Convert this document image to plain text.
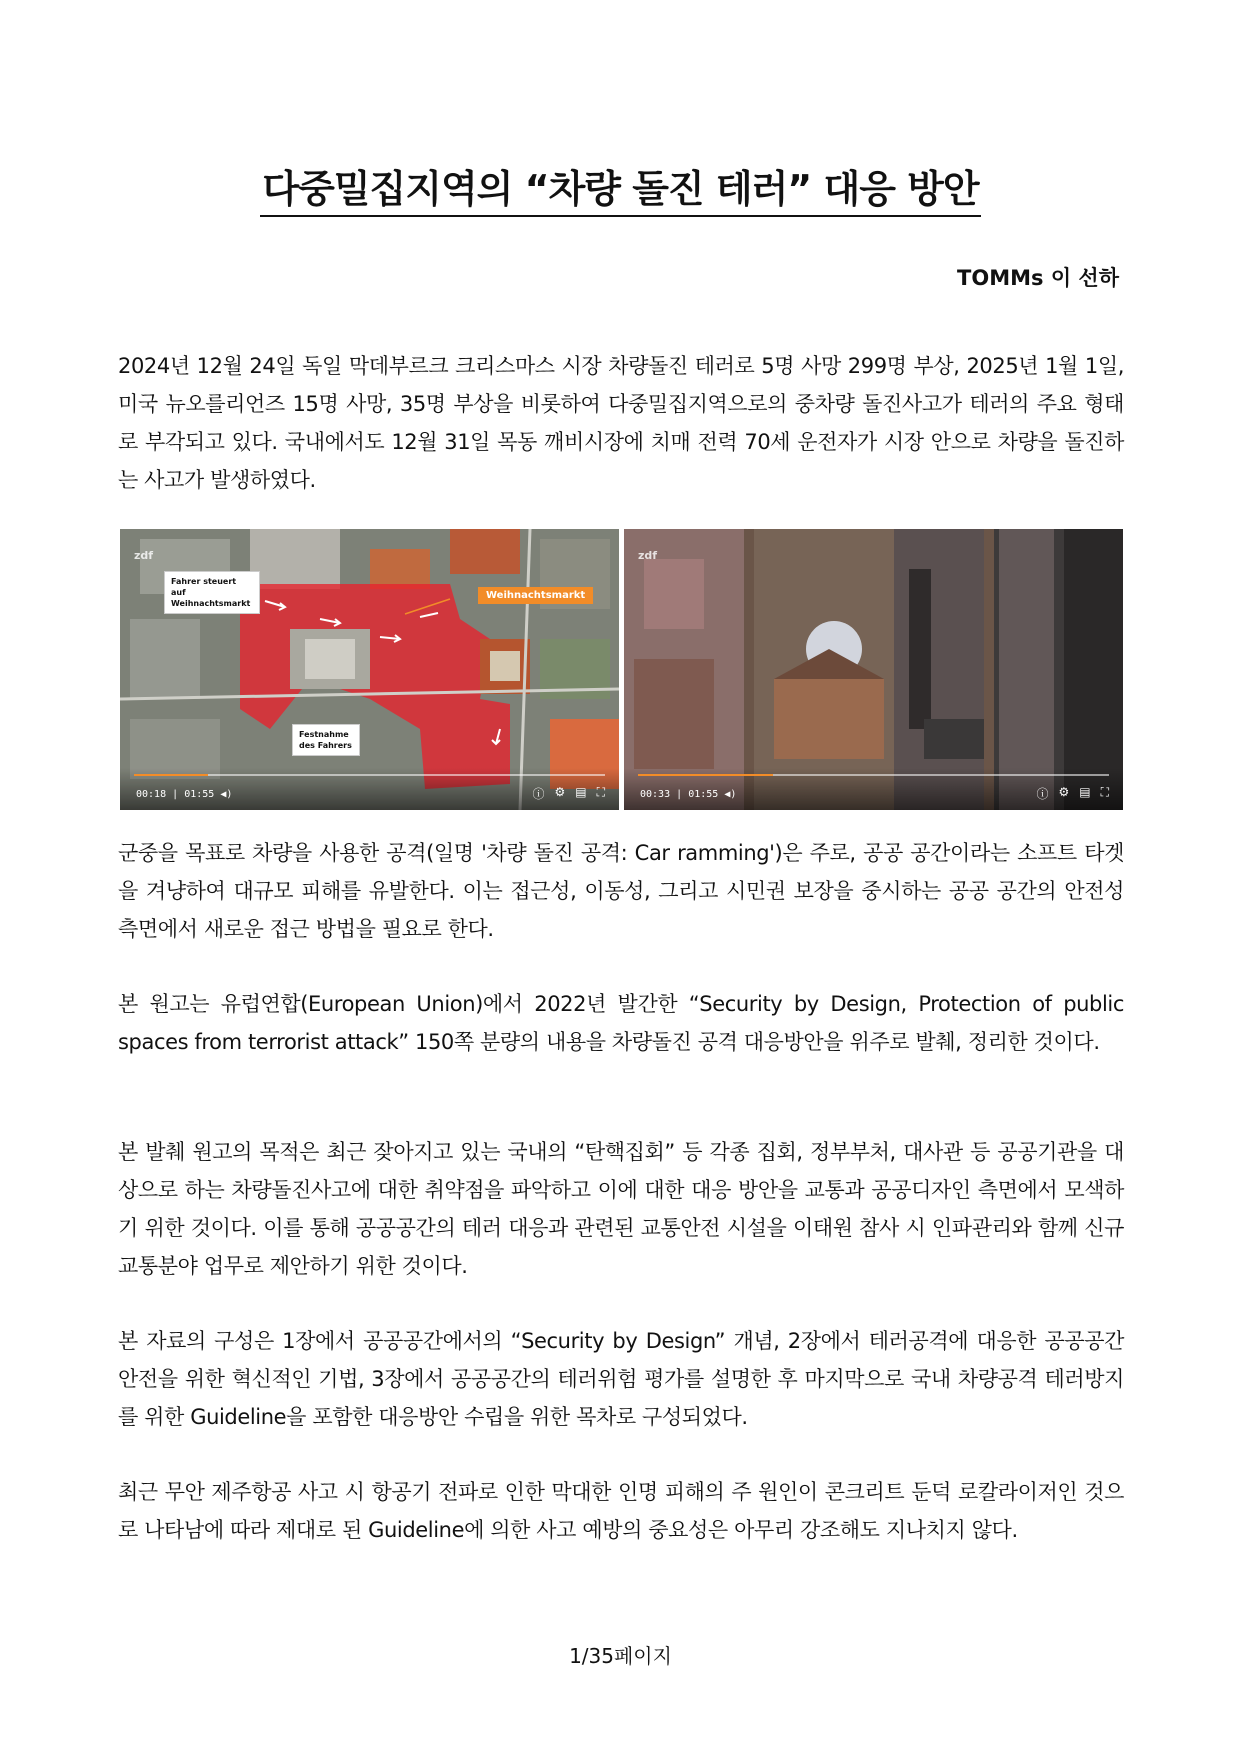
다중밀집지역의 “차량 돌진 테러” 대응 방안
TOMMs 이 선하

2024년 12월 24일 독일 막데부르크 크리스마스 시장 차량돌진 테러로 5명 사망 299명 부상, 2025년 1월 1일, 미국 뉴오를리언즈 15명 사망, 35명 부상을 비롯하여 다중밀집지역으로의 중차량 돌진사고가 테러의 주요 형태로 부각되고 있다. 국내에서도 12월 31일 목동 깨비시장에 치매 전력 70세 운전자가 시장 안으로 차량을 돌진하는 사고가 발생하였다.

Fahrer steuert auf Weihnachtsmarkt
Weihnachtsmarkt
Festnahme des Fahrers
zdf
00:18 | 01:55 ◀)	ⓘ ⚙ ▤ ⛶
zdf
00:33 | 01:55 ◀)	ⓘ ⚙ ▤ ⛶

군중을 목표로 차량을 사용한 공격(일명 '차량 돌진 공격: Car ramming')은 주로, 공공 공간이라는 소프트 타겟을 겨냥하여 대규모 피해를 유발한다. 이는 접근성, 이동성, 그리고 시민권 보장을 중시하는 공공 공간의 안전성 측면에서 새로운 접근 방법을 필요로 한다.

본 원고는 유럽연합(European Union)에서 2022년 발간한 “Security by Design, Protection of public spaces from terrorist attack” 150쪽 분량의 내용을 차량돌진 공격 대응방안을 위주로 발췌, 정리한 것이다.

본 발췌 원고의 목적은 최근 잦아지고 있는 국내의 “탄핵집회” 등 각종 집회, 정부부처, 대사관 등 공공기관을 대상으로 하는 차량돌진사고에 대한 취약점을 파악하고 이에 대한 대응 방안을 교통과 공공디자인 측면에서 모색하기 위한 것이다. 이를 통해 공공공간의 테러 대응과 관련된 교통안전 시설을 이태원 참사 시 인파관리와 함께 신규 교통분야 업무로 제안하기 위한 것이다.

본 자료의 구성은 1장에서 공공공간에서의 “Security by Design” 개념, 2장에서 테러공격에 대응한 공공공간 안전을 위한 혁신적인 기법, 3장에서 공공공간의 테러위험 평가를 설명한 후 마지막으로 국내 차량공격 테러방지를 위한 Guideline을 포함한 대응방안 수립을 위한 목차로 구성되었다.

최근 무안 제주항공 사고 시 항공기 전파로 인한 막대한 인명 피해의 주 원인이 콘크리트 둔덕 로칼라이저인 것으로 나타남에 따라 제대로 된 Guideline에 의한 사고 예방의 중요성은 아무리 강조해도 지나치지 않다.

1/35페이지
